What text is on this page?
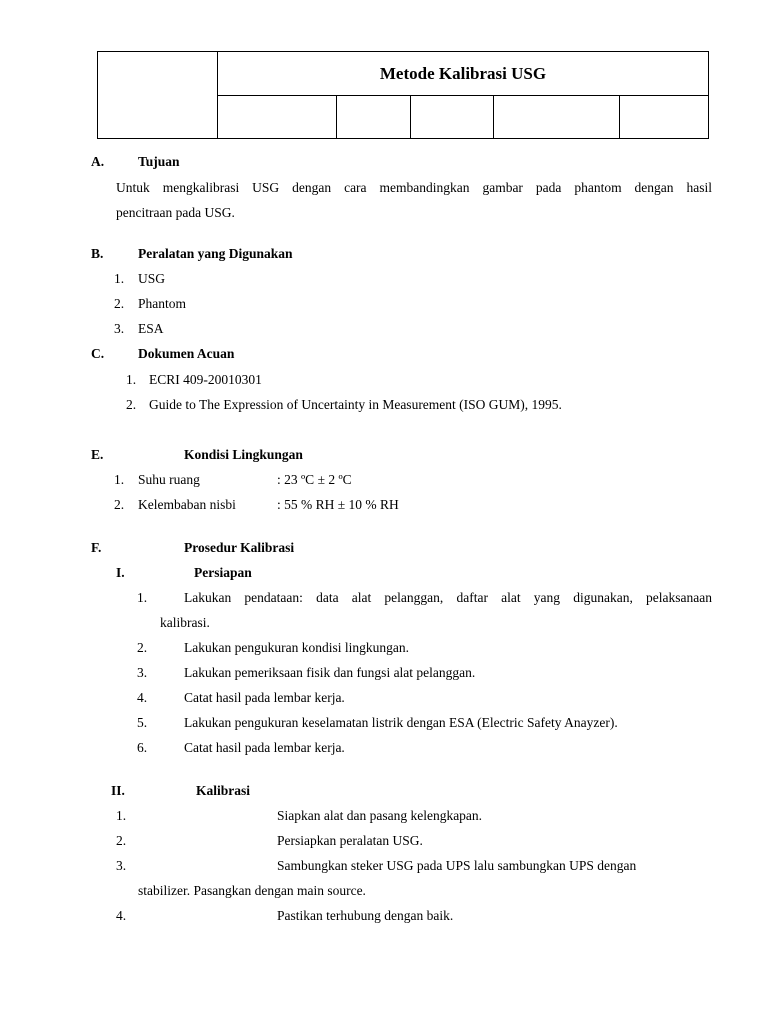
	Metode Kalibrasi USG				

A.	Tujuan
Untuk mengkalibrasi USG dengan cara membandingkan gambar pada phantom dengan hasil
pencitraan pada USG.
B.	Peralatan yang Digunakan
1. USG
2. Phantom
3. ESA
C.	Dokumen Acuan
1. ECRI 409-20010301
2. Guide to The Expression of Uncertainty in Measurement (ISO GUM), 1995.
E.	Kondisi Lingkungan
1. Suhu ruang	: 23 ºC ± 2 ºC
2. Kelembaban nisbi	: 55 % RH ± 10 % RH
F.	Prosedur Kalibrasi
I.	Persiapan
1.	Lakukan pendataan: data alat pelanggan, daftar alat yang digunakan, pelaksanaan
kalibrasi.
2.	Lakukan pengukuran kondisi lingkungan.
3.	Lakukan pemeriksaan fisik dan fungsi alat pelanggan.
4.	Catat hasil pada lembar kerja.
5.	Lakukan pengukuran keselamatan listrik dengan ESA (Electric Safety Anayzer).
6.	Catat hasil pada lembar kerja.
II.	Kalibrasi
1.	Siapkan alat dan pasang kelengkapan.
2.	Persiapkan peralatan USG.
3.	Sambungkan steker USG pada UPS lalu sambungkan UPS dengan
stabilizer. Pasangkan dengan main source.
4.	Pastikan terhubung dengan baik.
